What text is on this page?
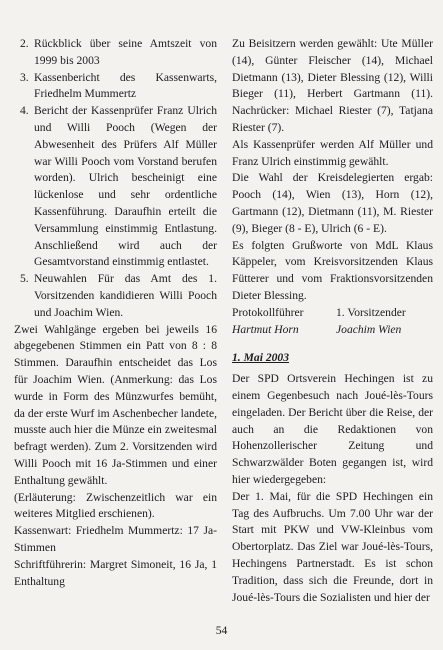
2. Rückblick über seine Amtszeit von 1999 bis 2003
3. Kassenbericht des Kassenwarts, Friedhelm Mummertz
4. Bericht der Kassenprüfer Franz Ulrich und Willi Pooch (Wegen der Abwesenheit des Prüfers Alf Müller war Willi Pooch vom Vorstand berufen worden). Ulrich bescheinigt eine lückenlose und sehr ordentliche Kassenführung. Daraufhin erteilt die Versammlung einstimmig Entlastung. Anschließend wird auch der Gesamtvorstand einstimmig entlastet.
5. Neuwahlen Für das Amt des 1. Vorsitzenden kandidieren Willi Pooch und Joachim Wien.

Zwei Wahlgänge ergeben bei jeweils 16 abgegebenen Stimmen ein Patt von 8 : 8 Stimmen. Daraufhin entscheidet das Los für Joachim Wien. (Anmerkung: das Los wurde in Form des Münzwurfes bemüht, da der erste Wurf im Aschenbecher landete, musste auch hier die Münze ein zweitesmal befragt werden). Zum 2. Vorsitzenden wird Willi Pooch mit 16 Ja-Stimmen und einer Enthaltung gewählt.

(Erläuterung: Zwischenzeitlich war ein weiteres Mitglied erschienen).

Kassenwart: Friedhelm Mummertz: 17 Ja-Stimmen

Schriftführerin: Margret Simoneit, 16 Ja, 1 Enthaltung

Zu Beisitzern werden gewählt: Ute Müller (14), Günter Fleischer (14), Michael Dietmann (13), Dieter Blessing (12), Willi Bieger (11), Herbert Gartmann (11). Nachrücker: Michael Riester (7), Tatjana Riester (7).

Als Kassenprüfer werden Alf Müller und Franz Ulrich einstimmig gewählt.

Die Wahl der Kreisdelegierten ergab: Pooch (14), Wien (13), Horn (12), Gartmann (12), Dietmann (11), M. Riester (9), Bieger (8 - E), Ulrich (6 - E).

Es folgten Grußworte von MdL Klaus Käppeler, vom Kreisvorsitzenden Klaus Fütterer und vom Fraktionsvorsitzenden Dieter Blessing.

Protokollführer	1. Vorsitzender
Hartmut Horn	Joachim Wien
1. Mai 2003

Der SPD Ortsverein Hechingen ist zu einem Gegenbesuch nach Joué-lès-Tours eingeladen. Der Bericht über die Reise, der auch an die Redaktionen von Hohenzollerischer Zeitung und Schwarzwälder Boten gegangen ist, wird hier wiedergegeben:

Der 1. Mai, für die SPD Hechingen ein Tag des Aufbruchs. Um 7.00 Uhr war der Start mit PKW und VW-Kleinbus vom Obertorplatz. Das Ziel war Joué-lès-Tours, Hechingens Partnerstadt. Es ist schon Tradition, dass sich die Freunde, dort in Joué-lès-Tours die Sozialisten und hier der

54
